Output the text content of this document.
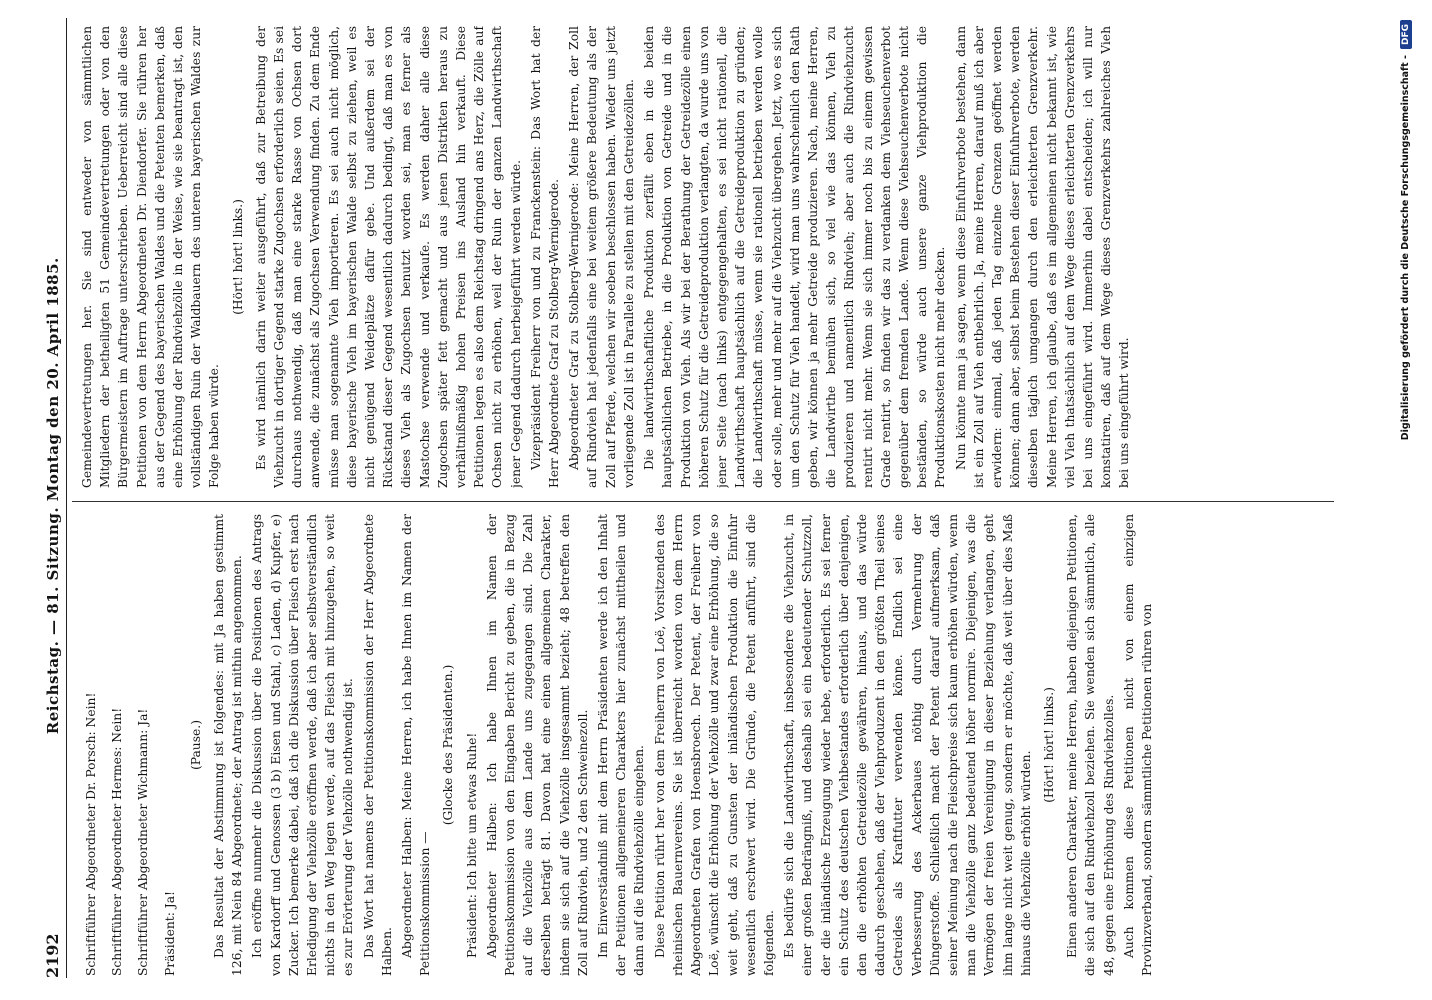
2192
Reichstag. — 81. Sitzung. Montag den 20. April 1885.

Schriftführer Abgeordneter Dr. Porsch: Nein! Schriftführer Abgeordneter Hermes: Nein! Schriftführer Abgeordneter Wichmann: Ja! Präsident: Ja!

(Pause.) Das Resultat der Abstimmung ist folgendes: mit Ja haben gestimmt 126, mit Nein 84 Abgeordnete; der Antrag ist mithin angenommen. Ich eröffne nunmehr die Diskussion über die Positionen des Antrags von Kardorff und Genossen (3 b) Eisen und Stahl, c) Laden, d) Kupfer, e) Zucker. Ich bemerke dabei, daß ich die Diskussion über Fleisch erst nach Erledigung der Viehzölle eröffnen werde, daß ich aber selbstverständlich nichts in den Weg legen werde, auf das Fleisch mit hinzugehen, so weit es zur Erörterung der Viehzölle nothwendig ist. Das Wort hat namens der Petitionskommission der Herr Abgeordnete Halben. Abgeordneter Halben: Meine Herren, ich habe Ihnen im Namen der Petitionskommission —

(Glocke des Präsidenten.) Präsident: Ich bitte um etwas Ruhe! Abgeordneter Halben: Ich habe Ihnen im Namen der Petitionskommission von den Eingaben Bericht zu geben, die in Bezug auf die Viehzölle aus dem Lande uns zugegangen sind. Die Zahl derselben beträgt 81. Davon hat eine einen allgemeinen Charakter, indem sie sich auf die Viehzölle insgesammt bezieht; 48 betreffen den Zoll auf Rindvieh, und 2 den Schweinezoll. Im Einverständniß mit dem Herrn Präsidenten werde ich den Inhalt der Petitionen allgemeineren Charakters hier zunächst mittheilen und dann auf die Rindviehzölle eingehen. Diese Petition rührt her von dem Freiherrn von Loë, Vorsitzenden des rheinischen Bauernvereins. Sie ist überreicht worden von dem Herrn Abgeordneten Grafen von Hoensbroech. Der Petent, der Freiherr von Loë, wünscht die Erhöhung der Viehzölle und zwar eine Erhöhung, die so weit geht, daß zu Gunsten der inländischen Produktion die Einfuhr wesentlich erschwert wird. Die Gründe, die Petent anführt, sind die folgenden. Es bedürfe sich die Landwirthschaft, insbesondere die Viehzucht, in einer großen Bedrängniß, und deshalb sei ein bedeutender Schutzzoll, der die inländische Erzeugung wieder hebe, erforderlich. Es sei ferner ein Schutz des deutschen Viehbestandes erforderlich über denjenigen, den die erhöhten Getreidezölle gewähren, hinaus, und das würde dadurch geschehen, daß der Viehproduzent in den größten Theil seines Getreides als Kraftfutter verwenden könne. Endlich sei eine Verbesserung des Ackerbaues nöthig durch Vermehrung der Düngerstoffe. Schließlich macht der Petent darauf aufmerksam, daß seiner Meinung nach die Fleischpreise sich kaum erhöhen würden, wenn man die Viehzölle ganz bedeutend höher normire. Diejenigen, was die Vermögen der freien Vereinigung in dieser Beziehung verlangen, geht ihm lange nicht weit genug, sondern er möchte, daß weit über dies Maß hinaus die Viehzölle erhöht würden.

(Hört! hört! links.) Einen anderen Charakter, meine Herren, haben diejenigen Petitionen, die sich auf den Rindviehzoll beziehen. Sie wenden sich sämmtlich, alle 48, gegen eine Erhöhung des Rindviehzolles. Auch kommen diese Petitionen nicht von einem einzigen Provinzverband, sondern sämmtliche Petitionen rühren von

Gemeindevertretungen her. Sie sind entweder von sämmtlichen Mitgliedern der betheiligten 51 Gemeindevertretungen oder von den Bürgermeistern im Auftrage unterschrieben. Ueberreicht sind alle diese Petitionen von dem Herrn Abgeordneten Dr. Diendorfer. Sie rühren her aus der Gegend des bayerischen Waldes und die Petenten bemerken, daß eine Erhöhung der Rindviehzölle in der Weise, wie sie beantragt ist, den vollständigen Ruin der Waldbauern des unteren bayerischen Waldes zur Folge haben würde.

(Hört! hört! links.) Es wird nämlich darin weiter ausgeführt, daß zur Betreibung der Viehzucht in dortiger Gegend starke Zugochsen erforderlich seien. Es sei durchaus nothwendig, daß man eine starke Rasse von Ochsen dort anwende, die zunächst als Zugochsen Verwendung finden. Zu dem Ende müsse man sogenannte Vieh importieren. Es sei auch nicht möglich, diese bayerische Vieh im bayerischen Walde selbst zu ziehen, weil es nicht genügend Weideplätze dafür gebe. Und außerdem sei der Rückstand dieser Gegend wesentlich dadurch bedingt, daß man es von dieses Vieh als Zugochsen benutzt worden sei, man es ferner als Mastochse verwende und verkaufe. Es werden daher alle diese Zugochsen später fett gemacht und aus jenen Distrikten heraus zu verhältnißmäßig hohen Preisen ins Ausland hin verkauft. Diese Petitionen legen es also dem Reichstag dringend ans Herz, die Zölle auf Ochsen nicht zu erhöhen, weil der Ruin der ganzen Landwirthschaft jener Gegend dadurch herbeigeführt werden würde. Vizepräsident Freiherr von und zu Franckenstein: Das Wort hat der Herr Abgeordnete Graf zu Stolberg-Wernigerode. Abgeordneter Graf zu Stolberg-Wernigerode: Meine Herren, der Zoll auf Rindvieh hat jedenfalls eine bei weitem größere Bedeutung als der Zoll auf Pferde, welchen wir soeben beschlossen haben. Wieder uns jetzt vorliegende Zoll ist in Parallele zu stellen mit den Getreidezöllen. Die landwirthschaftliche Produktion zerfällt eben in die beiden hauptsächlichen Betriebe, in die Produktion von Getreide und in die Produktion von Vieh. Als wir bei der Berathung der Getreidezölle einen höheren Schutz für die Getreideproduktion verlangten, da wurde uns von jener Seite (nach links) entgegengehalten, es sei nicht rationell, die Landwirthschaft hauptsächlich auf die Getreideproduktion zu gründen; die Landwirthschaft müsse, wenn sie rationell betrieben werden wolle oder solle, mehr und mehr auf die Viehzucht übergehen. Jetzt, wo es sich um den Schutz für Vieh handelt, wird man uns wahrscheinlich den Rath geben, wir können ja mehr Getreide produzieren. Nach, meine Herren, die Landwirthe bemühen sich, so viel wie das können, Vieh zu produzieren und namentlich Rindvieh; aber auch die Rindviehzucht rentirt nicht mehr. Wenn sie sich immer noch bis zu einem gewissen Grade rentirt, so finden wir das zu verdanken dem Viehseuchenverbot gegenüber dem fremden Lande. Wenn diese Viehseuchenverbote nicht beständen, so würde auch unsere ganze Viehproduktion die Produktionskosten nicht mehr decken. Nun könnte man ja sagen, wenn diese Einfuhrverbote bestehen, dann ist ein Zoll auf Vieh entbehrlich. Ja, meine Herren, darauf muß ich aber erwidern: einmal, daß jeden Tag einzelne Grenzen geöffnet werden können; dann aber, selbst beim Bestehen dieser Einfuhrverbote, werden dieselben täglich umgangen durch den erleichterten Grenzverkehr. Meine Herren, ich glaube, daß es im allgemeinen nicht bekannt ist, wie viel Vieh thatsächlich auf dem Wege dieses erleichterten Grenzverkehrs bei uns eingeführt wird. Immerhin dabei entscheiden; ich will nur konstatiren, daß auf dem Wege dieses Grenzverkehrs zahlreiches Vieh bei uns eingeführt wird.	Digitalisierung gefördert durch die Deutsche Forschungsgemeinschaft -DFG
